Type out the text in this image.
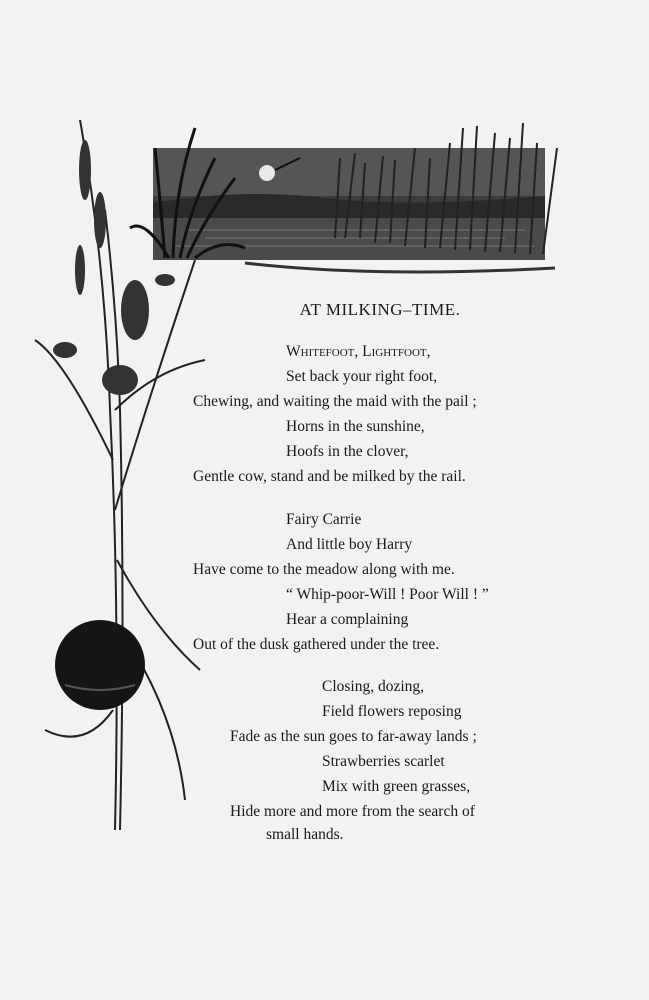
AT MILKING–TIME.
Whitefoot, Lightfoot,
Set back your right foot,
Chewing, and waiting the maid with the pail ;
Horns in the sunshine,
Hoofs in the clover,
Gentle cow, stand and be milked by the rail.
Fairy Carrie
And little boy Harry
Have come to the meadow along with me.
“ Whip-poor-Will ! Poor Will ! ”
Hear a complaining
Out of the dusk gathered under the tree.
Closing, dozing,
Field flowers reposing
Fade as the sun goes to far-away lands ;
Strawberries scarlet
Mix with green grasses,
Hide more and more from the search of
small hands.
